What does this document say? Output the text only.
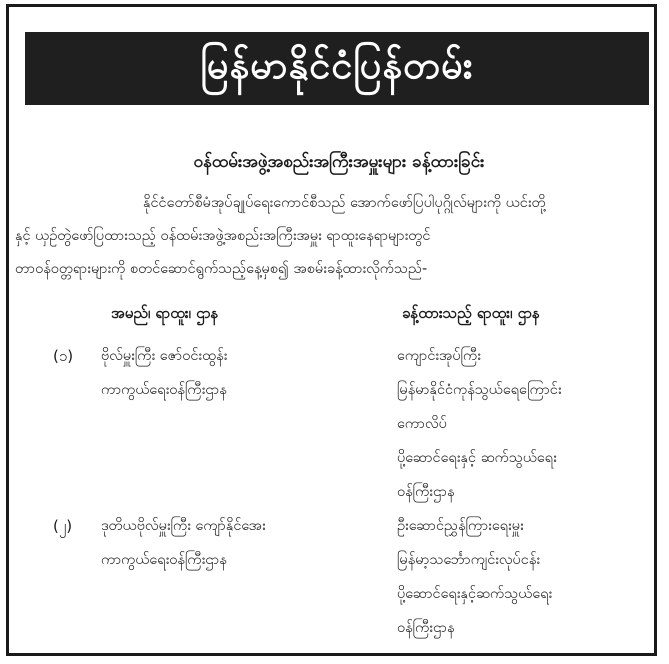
မြန်မာနိုင်ငံပြန်တမ်း
ဝန်ထမ်းအဖွဲ့အစည်းအကြီးအမှူးများ ခန့်ထားခြင်း
နိုင်ငံတော်စီမံအုပ်ချုပ်ရေးကောင်စီသည် အောက်ဖော်ပြပါပုဂ္ဂိုလ်များကို ယင်းတို့
နှင့် ယှဉ်တွဲဖော်ပြထားသည့် ဝန်ထမ်းအဖွဲ့အစည်းအကြီးအမှူး ရာထူးနေရာများတွင်
တာဝန်ဝတ္တရားများကို စတင်ဆောင်ရွက်သည့်နေ့မှစ၍ အစမ်းခန့်ထားလိုက်သည်-
အမည်၊ ရာထူး၊ ဌာန	ခန့်ထားသည့် ရာထူး၊ ဌာန
(၁) ဗိုလ်မှူးကြီး ဇော်ဝင်းထွန်း
ကာကွယ်ရေးဝန်ကြီးဌာန
ကျောင်းအုပ်ကြီး
မြန်မာနိုင်ငံကုန်သွယ်ရေကြောင်း
ကောလိပ်
ပို့ဆောင်ရေးနှင့် ဆက်သွယ်ရေး
ဝန်ကြီးဌာန
(၂) ဒုတိယဗိုလ်မှူးကြီး ကျော်နိုင်အေး
ကာကွယ်ရေးဝန်ကြီးဌာန
ဦးဆောင်ညွှန်ကြားရေးမှူး
မြန်မာ့သင်္ဘောကျင်းလုပ်ငန်း
ပို့ဆောင်ရေးနှင့်ဆက်သွယ်ရေး
ဝန်ကြီးဌာန
